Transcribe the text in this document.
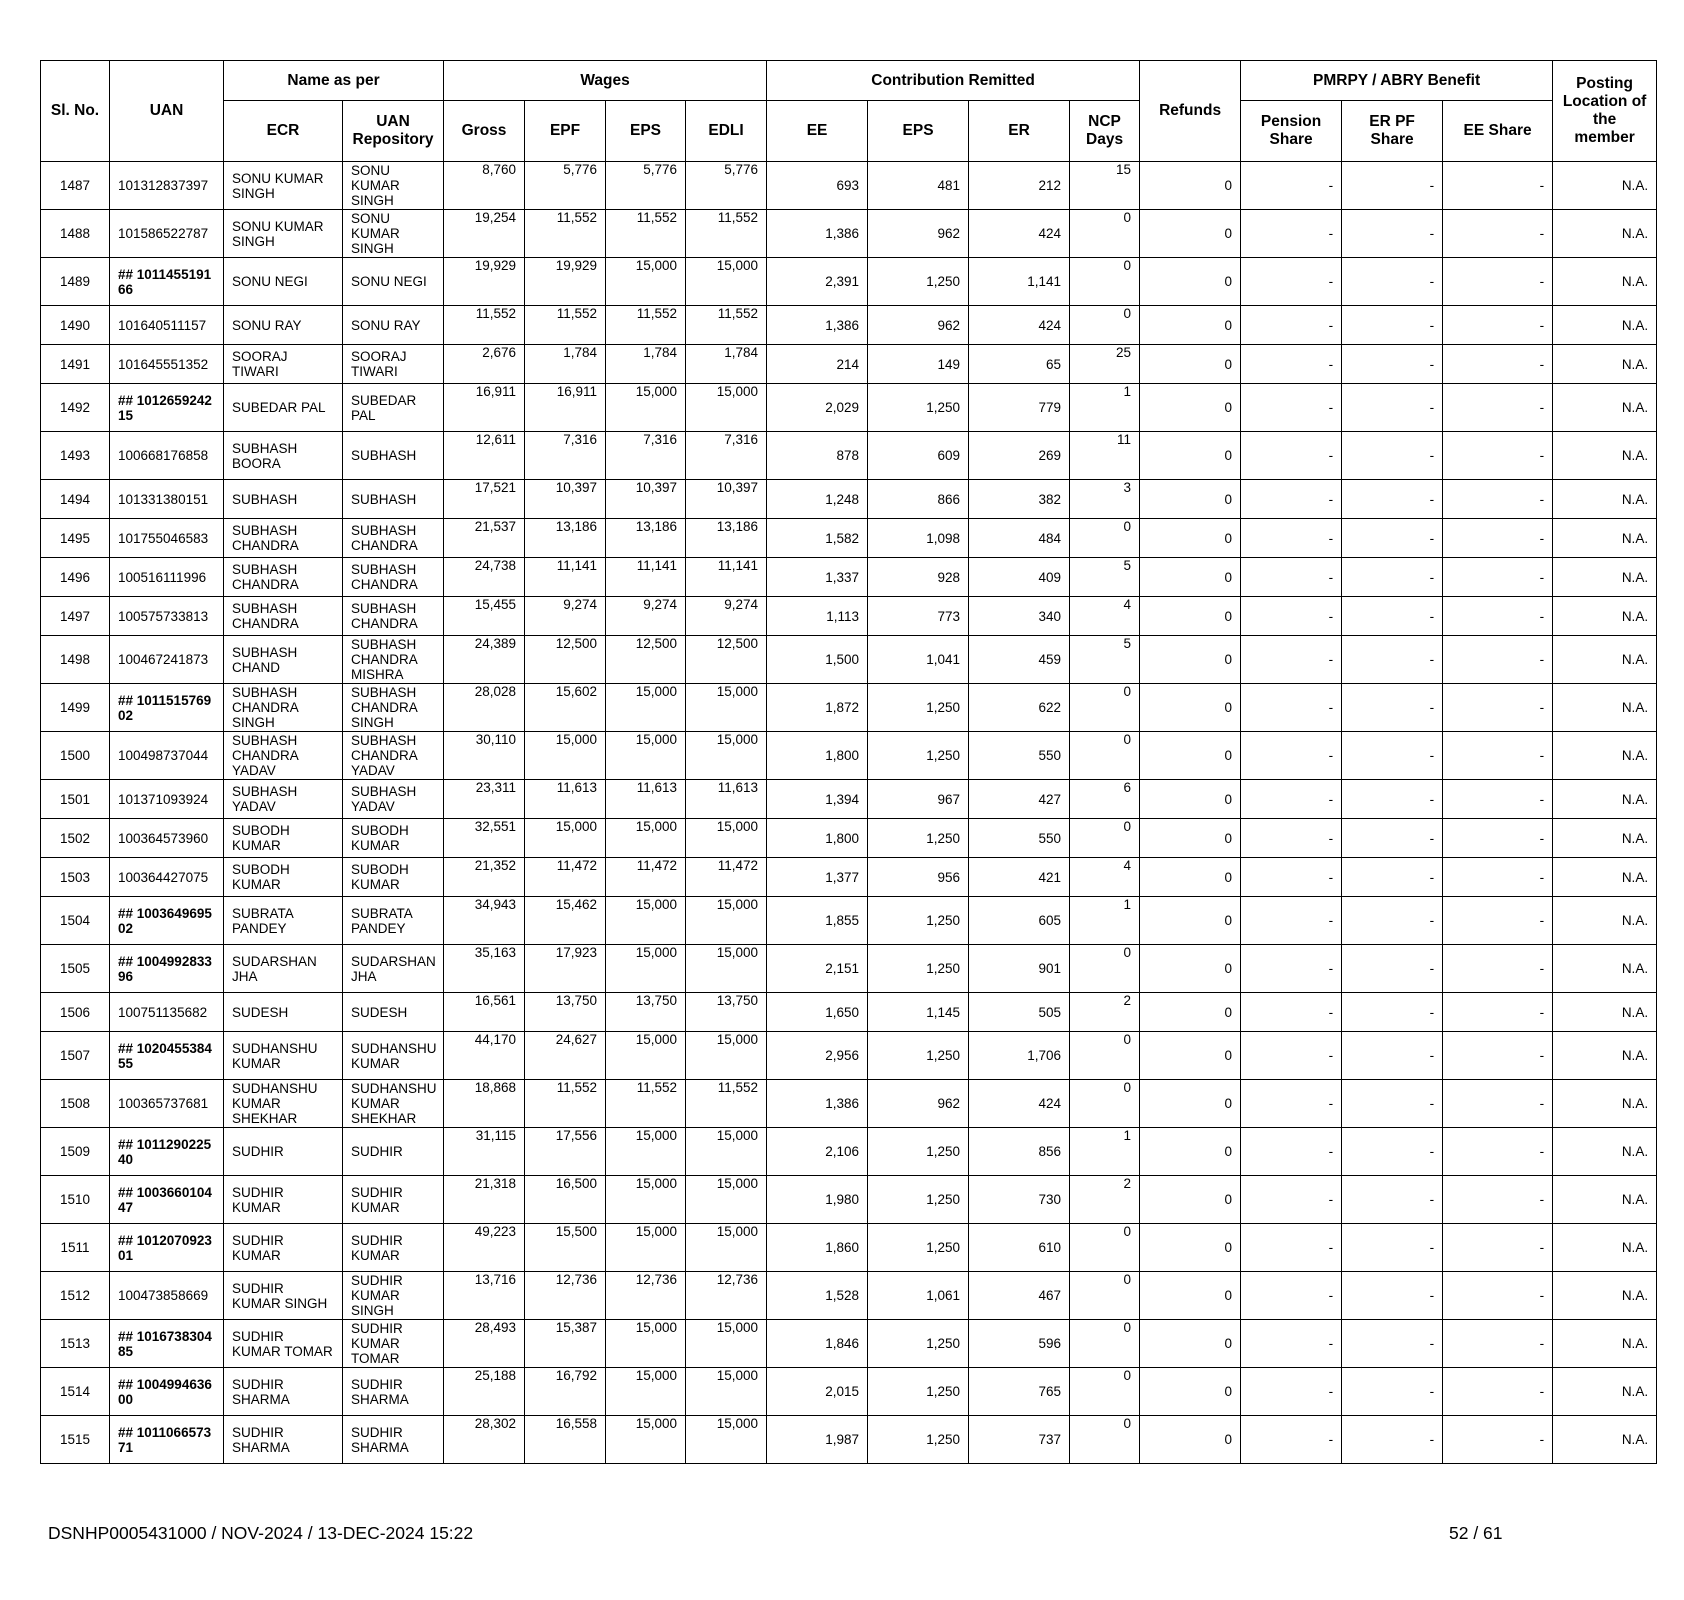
Sl. No.	UAN	Name as per		Wages				Contribution Remitted				Refunds	PMRPY / ABRY Benefit			Posting Location of the member
		ECR	UAN Repository	Gross	EPF	EPS	EDLI	EE	EPS	ER	NCP Days		Pension Share	ER PF Share	EE Share	
1487	101312837397	SONU KUMAR SINGH	SONU KUMAR SINGH	8,760	5,776	5,776	5,776	693	481	212	15	0	-	-	-	N.A.
1488	101586522787	SONU KUMAR SINGH	SONU KUMAR SINGH	19,254	11,552	11,552	11,552	1,386	962	424	0	0	-	-	-	N.A.
1489	## 101145519166	SONU NEGI	SONU NEGI	19,929	19,929	15,000	15,000	2,391	1,250	1,141	0	0	-	-	-	N.A.
1490	101640511157	SONU RAY	SONU RAY	11,552	11,552	11,552	11,552	1,386	962	424	0	0	-	-	-	N.A.
1491	101645551352	SOORAJ TIWARI	SOORAJ TIWARI	2,676	1,784	1,784	1,784	214	149	65	25	0	-	-	-	N.A.
1492	## 101265924215	SUBEDAR PAL	SUBEDAR PAL	16,911	16,911	15,000	15,000	2,029	1,250	779	1	0	-	-	-	N.A.
1493	100668176858	SUBHASH BOORA	SUBHASH	12,611	7,316	7,316	7,316	878	609	269	11	0	-	-	-	N.A.
1494	101331380151	SUBHASH	SUBHASH	17,521	10,397	10,397	10,397	1,248	866	382	3	0	-	-	-	N.A.
1495	101755046583	SUBHASH CHANDRA	SUBHASH CHANDRA	21,537	13,186	13,186	13,186	1,582	1,098	484	0	0	-	-	-	N.A.
1496	100516111996	SUBHASH CHANDRA	SUBHASH CHANDRA	24,738	11,141	11,141	11,141	1,337	928	409	5	0	-	-	-	N.A.
1497	100575733813	SUBHASH CHANDRA	SUBHASH CHANDRA	15,455	9,274	9,274	9,274	1,113	773	340	4	0	-	-	-	N.A.
1498	100467241873	SUBHASH CHAND	SUBHASH CHANDRA MISHRA	24,389	12,500	12,500	12,500	1,500	1,041	459	5	0	-	-	-	N.A.
1499	## 101151576902	SUBHASH CHANDRA SINGH	SUBHASH CHANDRA SINGH	28,028	15,602	15,000	15,000	1,872	1,250	622	0	0	-	-	-	N.A.
1500	100498737044	SUBHASH CHANDRA YADAV	SUBHASH CHANDRA YADAV	30,110	15,000	15,000	15,000	1,800	1,250	550	0	0	-	-	-	N.A.
1501	101371093924	SUBHASH YADAV	SUBHASH YADAV	23,311	11,613	11,613	11,613	1,394	967	427	6	0	-	-	-	N.A.
1502	100364573960	SUBODH KUMAR	SUBODH KUMAR	32,551	15,000	15,000	15,000	1,800	1,250	550	0	0	-	-	-	N.A.
1503	100364427075	SUBODH KUMAR	SUBODH KUMAR	21,352	11,472	11,472	11,472	1,377	956	421	4	0	-	-	-	N.A.
1504	## 100364969502	SUBRATA PANDEY	SUBRATA PANDEY	34,943	15,462	15,000	15,000	1,855	1,250	605	1	0	-	-	-	N.A.
1505	## 100499283396	SUDARSHAN JHA	SUDARSHAN JHA	35,163	17,923	15,000	15,000	2,151	1,250	901	0	0	-	-	-	N.A.
1506	100751135682	SUDESH	SUDESH	16,561	13,750	13,750	13,750	1,650	1,145	505	2	0	-	-	-	N.A.
1507	## 102045538455	SUDHANSHU KUMAR	SUDHANSHU KUMAR	44,170	24,627	15,000	15,000	2,956	1,250	1,706	0	0	-	-	-	N.A.
1508	100365737681	SUDHANSHU KUMAR SHEKHAR	SUDHANSHU KUMAR SHEKHAR	18,868	11,552	11,552	11,552	1,386	962	424	0	0	-	-	-	N.A.
1509	## 101129022540	SUDHIR	SUDHIR	31,115	17,556	15,000	15,000	2,106	1,250	856	1	0	-	-	-	N.A.
1510	## 100366010447	SUDHIR KUMAR	SUDHIR KUMAR	21,318	16,500	15,000	15,000	1,980	1,250	730	2	0	-	-	-	N.A.
1511	## 101207092301	SUDHIR KUMAR	SUDHIR KUMAR	49,223	15,500	15,000	15,000	1,860	1,250	610	0	0	-	-	-	N.A.
1512	100473858669	SUDHIR KUMAR SINGH	SUDHIR KUMAR SINGH	13,716	12,736	12,736	12,736	1,528	1,061	467	0	0	-	-	-	N.A.
1513	## 101673830485	SUDHIR KUMAR TOMAR	SUDHIR KUMAR TOMAR	28,493	15,387	15,000	15,000	1,846	1,250	596	0	0	-	-	-	N.A.
1514	## 100499463600	SUDHIR SHARMA	SUDHIR SHARMA	25,188	16,792	15,000	15,000	2,015	1,250	765	0	0	-	-	-	N.A.
1515	## 101106657371	SUDHIR SHARMA	SUDHIR SHARMA	28,302	16,558	15,000	15,000	1,987	1,250	737	0	0	-	-	-	N.A.
DSNHP0005431000 / NOV-2024 / 13-DEC-2024 15:22	52 / 61
